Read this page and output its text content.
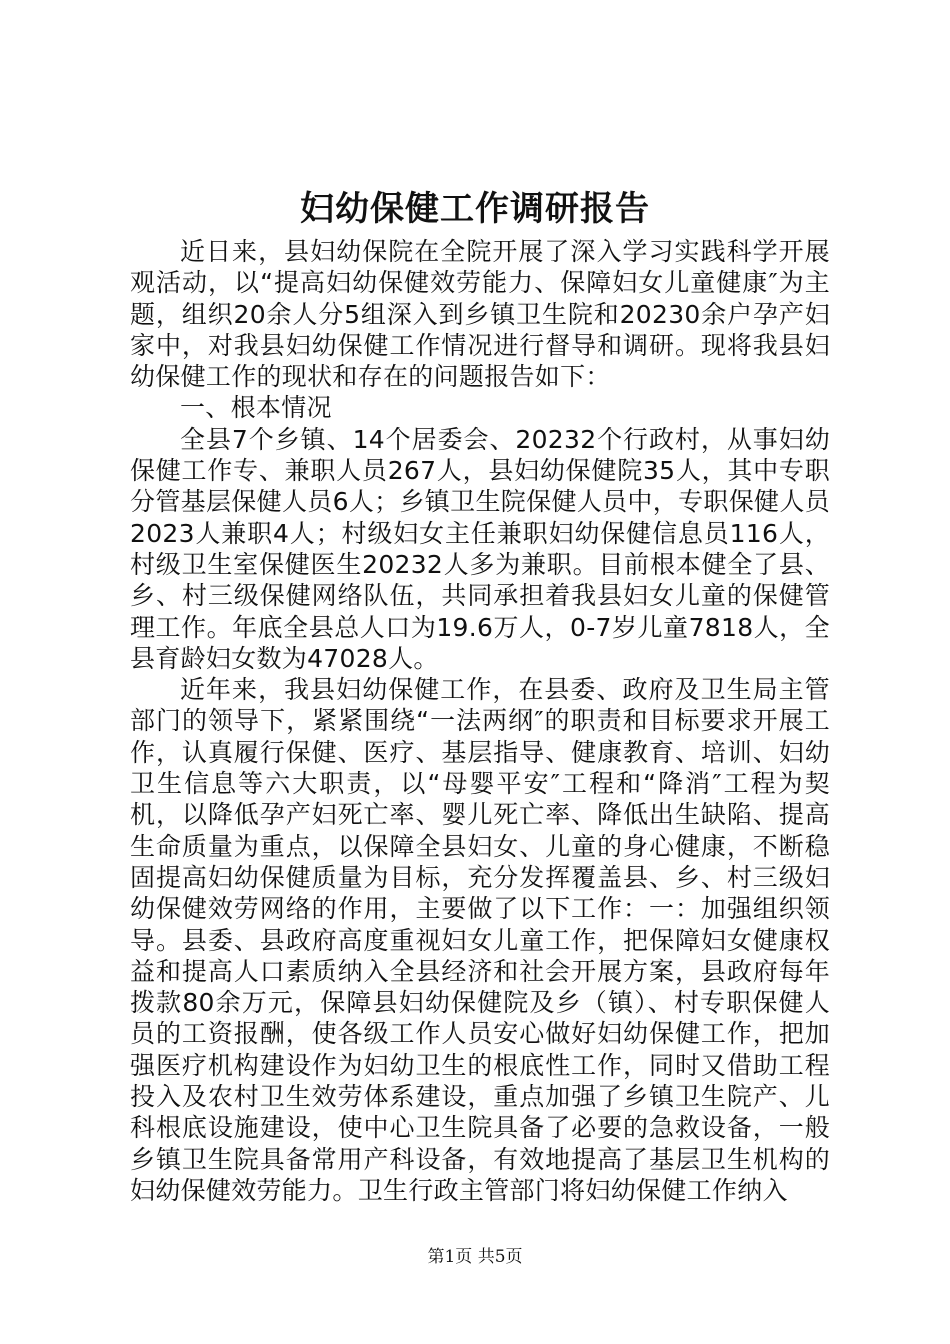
妇幼保健工作调研报告

近日来，县妇幼保院在全院开展了深入学习实践科学开展观活动，以“提高妇幼保健效劳能力、保障妇女儿童健康″为主题，组织20余人分5组深入到乡镇卫生院和20230余户孕产妇家中，对我县妇幼保健工作情况进行督导和调研。现将我县妇幼保健工作的现状和存在的问题报告如下：

一、根本情况

全县7个乡镇、14个居委会、20232个行政村，从事妇幼保健工作专、兼职人员267人，县妇幼保健院35人，其中专职分管基层保健人员6人；乡镇卫生院保健人员中，专职保健人员2023人兼职4人；村级妇女主任兼职妇幼保健信息员116人，村级卫生室保健医生20232人多为兼职。目前根本健全了县、乡、村三级保健网络队伍，共同承担着我县妇女儿童的保健管理工作。年底全县总人口为19.6万人，0-7岁儿童7818人，全县育龄妇女数为47028人。

近年来，我县妇幼保健工作，在县委、政府及卫生局主管部门的领导下，紧紧围绕“一法两纲″的职责和目标要求开展工作，认真履行保健、医疗、基层指导、健康教育、培训、妇幼卫生信息等六大职责，以“母婴平安″工程和“降消″工程为契机，以降低孕产妇死亡率、婴儿死亡率、降低出生缺陷、提高生命质量为重点，以保障全县妇女、儿童的身心健康，不断稳固提高妇幼保健质量为目标，充分发挥覆盖县、乡、村三级妇幼保健效劳网络的作用，主要做了以下工作：一：加强组织领导。县委、县政府高度重视妇女儿童工作，把保障妇女健康权益和提高人口素质纳入全县经济和社会开展方案，县政府每年拨款80余万元，保障县妇幼保健院及乡（镇）、村专职保健人员的工资报酬，使各级工作人员安心做好妇幼保健工作，把加强医疗机构建设作为妇幼卫生的根底性工作，同时又借助工程投入及农村卫生效劳体系建设，重点加强了乡镇卫生院产、儿科根底设施建设，使中心卫生院具备了必要的急救设备，一般乡镇卫生院具备常用产科设备，有效地提高了基层卫生机构的妇幼保健效劳能力。卫生行政主管部门将妇幼保健工作纳入

第1页 共5页
